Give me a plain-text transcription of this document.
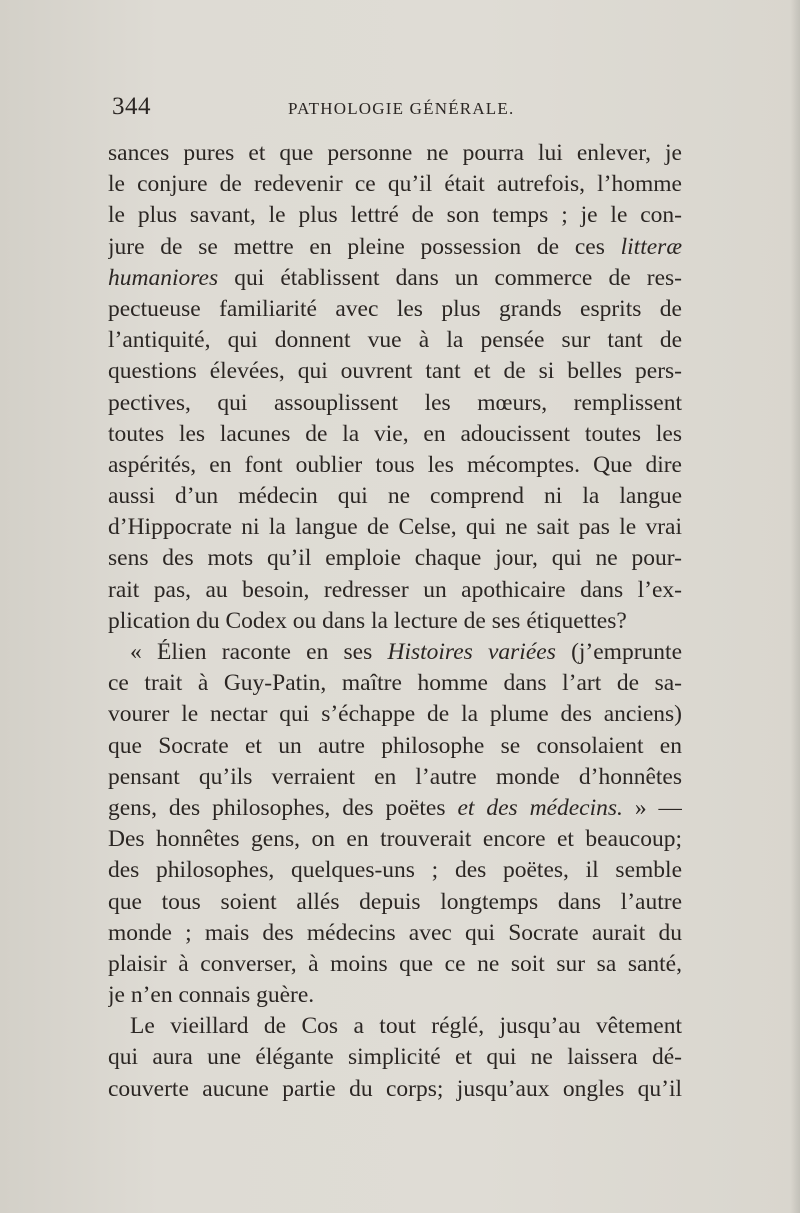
344	PATHOLOGIE GÉNÉRALE.
sances pures et que personne ne pourra lui enlever, je
le conjure de redevenir ce qu’il était autrefois, l’homme
le plus savant, le plus lettré de son temps ; je le con-
jure de se mettre en pleine possession de ces litteræ
humaniores qui établissent dans un commerce de res-
pectueuse familiarité avec les plus grands esprits de
l’antiquité, qui donnent vue à la pensée sur tant de
questions élevées, qui ouvrent tant et de si belles pers-
pectives, qui assouplissent les mœurs, remplissent
toutes les lacunes de la vie, en adoucissent toutes les
aspérités, en font oublier tous les mécomptes. Que dire
aussi d’un médecin qui ne comprend ni la langue
d’Hippocrate ni la langue de Celse, qui ne sait pas le vrai
sens des mots qu’il emploie chaque jour, qui ne pour-
rait pas, au besoin, redresser un apothicaire dans l’ex-
plication du Codex ou dans la lecture de ses étiquettes?
« Élien raconte en ses Histoires variées (j’emprunte
ce trait à Guy-Patin, maître homme dans l’art de sa-
vourer le nectar qui s’échappe de la plume des anciens)
que Socrate et un autre philosophe se consolaient en
pensant qu’ils verraient en l’autre monde d’honnêtes
gens, des philosophes, des poëtes et des médecins. » —
Des honnêtes gens, on en trouverait encore et beaucoup;
des philosophes, quelques-uns ; des poëtes, il semble
que tous soient allés depuis longtemps dans l’autre
monde ; mais des médecins avec qui Socrate aurait du
plaisir à converser, à moins que ce ne soit sur sa santé,
je n’en connais guère.
Le vieillard de Cos a tout réglé, jusqu’au vêtement
qui aura une élégante simplicité et qui ne laissera dé-
couverte aucune partie du corps; jusqu’aux ongles qu’il
